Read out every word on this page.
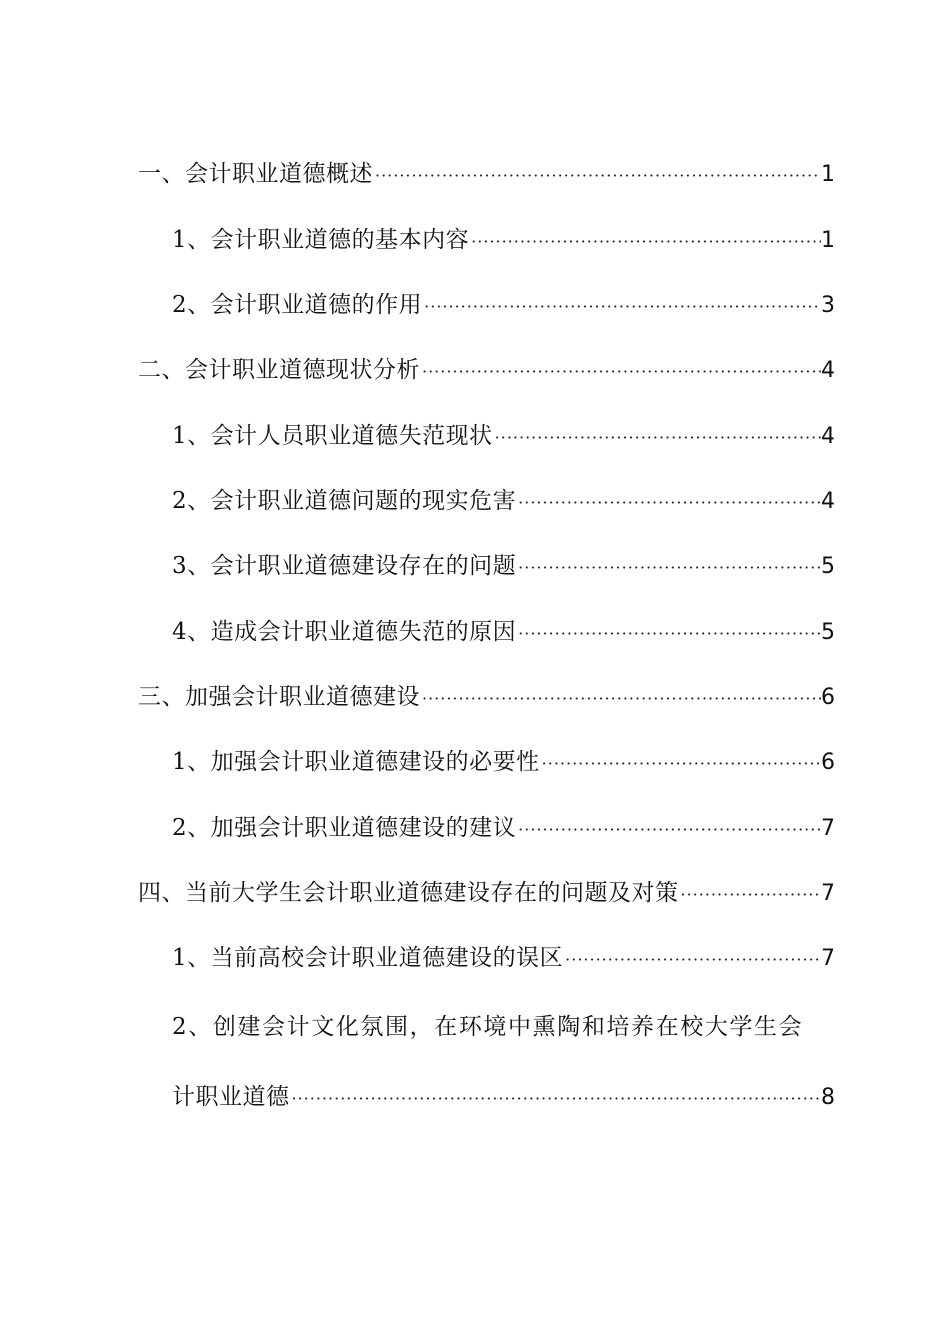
一、会计职业道德概述 ·····	1
1、会计职业道德的基本内容 ·····	1
2、会计职业道德的作用 ·····	3
二、会计职业道德现状分析 ·····	4
1、会计人员职业道德失范现状 ·····	4
2、会计职业道德问题的现实危害 ·····	4
3、会计职业道德建设存在的问题 ·····	5
4、造成会计职业道德失范的原因 ·····	5
三、加强会计职业道德建设 ·····	6
1、加强会计职业道德建设的必要性 ·····	6
2、加强会计职业道德建设的建议 ·····	7
四、当前大学生会计职业道德建设存在的问题及对策 ·····	7
1、当前高校会计职业道德建设的误区 ·····	7
2、创建会计文化氛围，在环境中熏陶和培养在校大学生会
计职业道德 ·····	8
